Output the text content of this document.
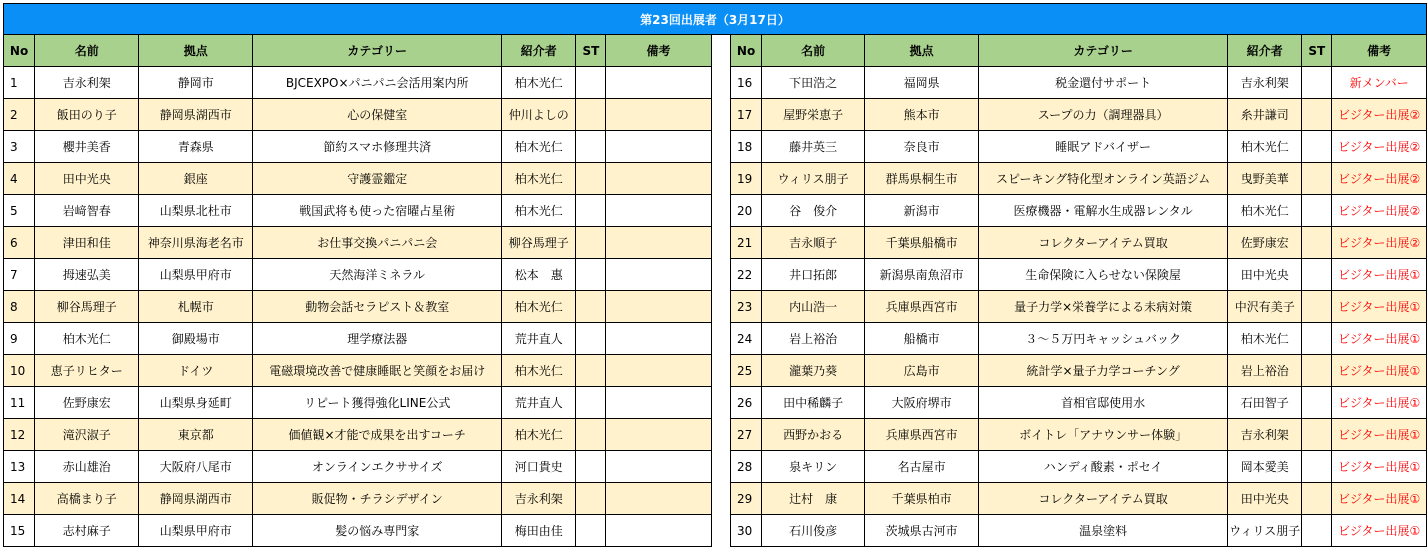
第23回出展者（3月17日）														
No	名前	拠点	カテゴリー	紹介者	ST	備考		No	名前	拠点	カテゴリー	紹介者	ST	備考
1	吉永利架	静岡市	BJCEXPO×パニパニ会活用案内所	柏木光仁				16	下田浩之	福岡県	税金還付サポート	吉永利架		新メンバー
2	飯田のり子	静岡県湖西市	心の保健室	仲川よしの				17	屋野栄恵子	熊本市	スープの力（調理器具）	糸井謙司		ビジター出展②
3	櫻井美香	青森県	節約スマホ修理共済	柏木光仁				18	藤井英三	奈良市	睡眠アドバイザー	柏木光仁		ビジター出展②
4	田中光央	銀座	守護霊鑑定	柏木光仁				19	ウィリス朋子	群馬県桐生市	スピーキング特化型オンライン英語ジム	曳野美華		ビジター出展②
5	岩﨑智春	山梨県北杜市	戦国武将も使った宿曜占星術	柏木光仁				20	谷　俊介	新潟市	医療機器・電解水生成器レンタル	柏木光仁		ビジター出展②
6	津田和佳	神奈川県海老名市	お仕事交換パニパニ会	柳谷馬理子				21	吉永順子	千葉県船橋市	コレクターアイテム買取	佐野康宏		ビジター出展②
7	拇速弘美	山梨県甲府市	天然海洋ミネラル	松本　惠				22	井口拓郎	新潟県南魚沼市	生命保険に入らせない保険屋	田中光央		ビジター出展①
8	柳谷馬理子	札幌市	動物会話セラピスト＆教室	柏木光仁				23	内山浩一	兵庫県西宮市	量子力学×栄養学による未病対策	中沢有美子		ビジター出展①
9	柏木光仁	御殿場市	理学療法器	荒井直人				24	岩上裕治	船橋市	３～５万円キャッシュバック	柏木光仁		ビジター出展①
10	恵子リヒター	ドイツ	電磁環境改善で健康睡眠と笑顔をお届け	柏木光仁				25	瀧葉乃葵	広島市	統計学×量子力学コーチング	岩上裕治		ビジター出展①
11	佐野康宏	山梨県身延町	リピート獲得強化LINE公式	荒井直人				26	田中稀麟子	大阪府堺市	首相官邸使用水	石田智子		ビジター出展①
12	滝沢淑子	東京都	価値観×才能で成果を出すコーチ	柏木光仁				27	西野かおる	兵庫県西宮市	ボイトレ「アナウンサー体験」	吉永利架		ビジター出展①
13	赤山雄治	大阪府八尾市	オンラインエクササイズ	河口貴史				28	泉キリン	名古屋市	ハンディ酸素・ポセイ	岡本愛美		ビジター出展①
14	高橋まり子	静岡県湖西市	販促物・チラシデザイン	吉永利架				29	辻村　康	千葉県柏市	コレクターアイテム買取	田中光央		ビジター出展①
15	志村麻子	山梨県甲府市	髪の悩み専門家	梅田由佳				30	石川俊彦	茨城県古河市	温泉塗料	ウィリス朋子		ビジター出展①
